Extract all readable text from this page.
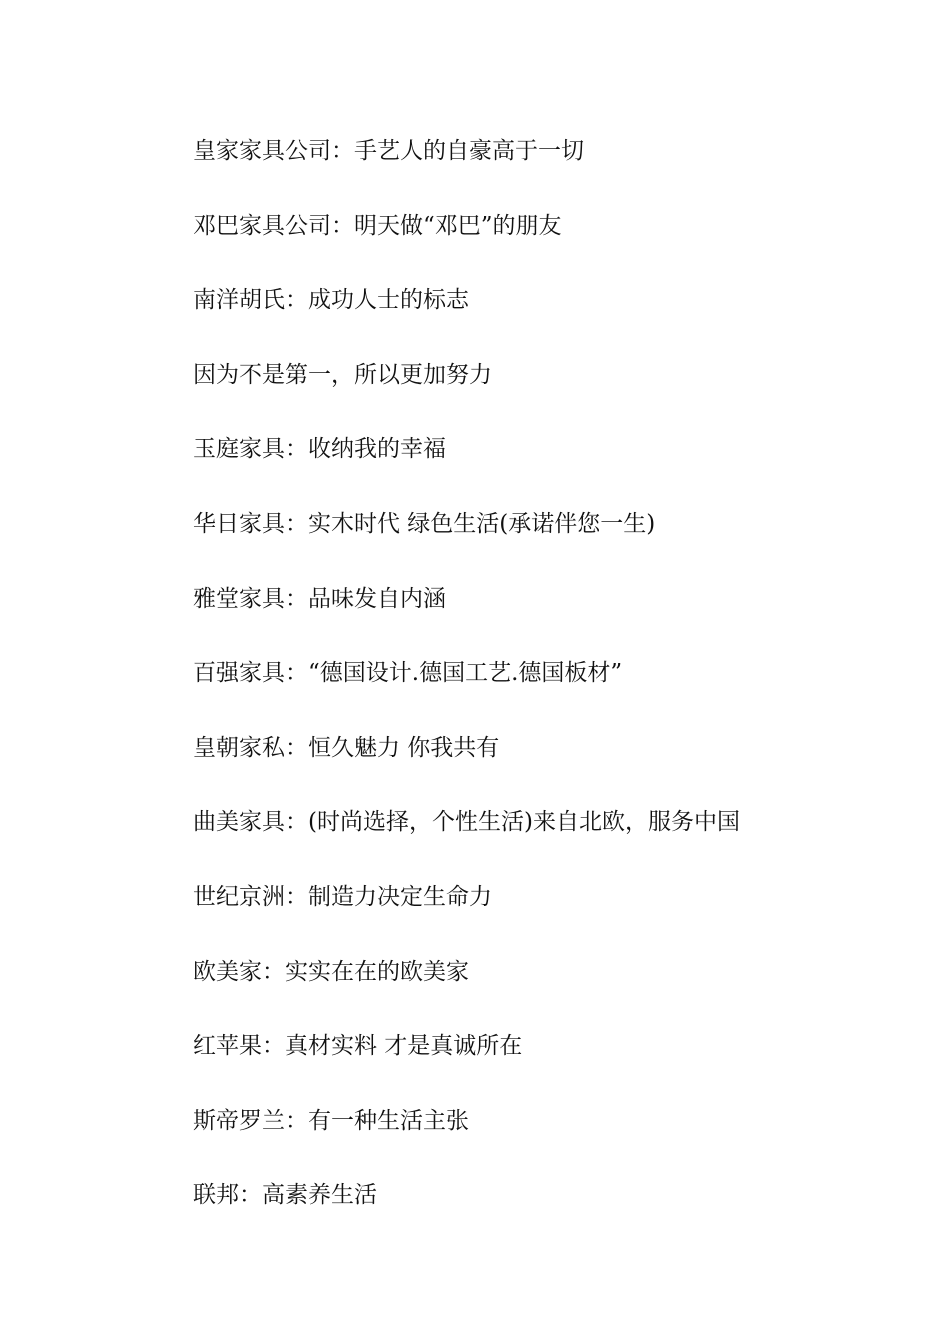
皇家家具公司：手艺人的自豪高于一切
邓巴家具公司：明天做“邓巴”的朋友
南洋胡氏：成功人士的标志
因为不是第一，所以更加努力
玉庭家具：收纳我的幸福
华日家具：实木时代 绿色生活(承诺伴您一生)
雅堂家具：品味发自内涵
百强家具：“德国设计.德国工艺.德国板材”
皇朝家私：恒久魅力 你我共有
曲美家具：(时尚选择，个性生活)来自北欧，服务中国
世纪京洲：制造力决定生命力
欧美家：实实在在的欧美家
红苹果：真材实料 才是真诚所在
斯帝罗兰：有一种生活主张
联邦：高素养生活
